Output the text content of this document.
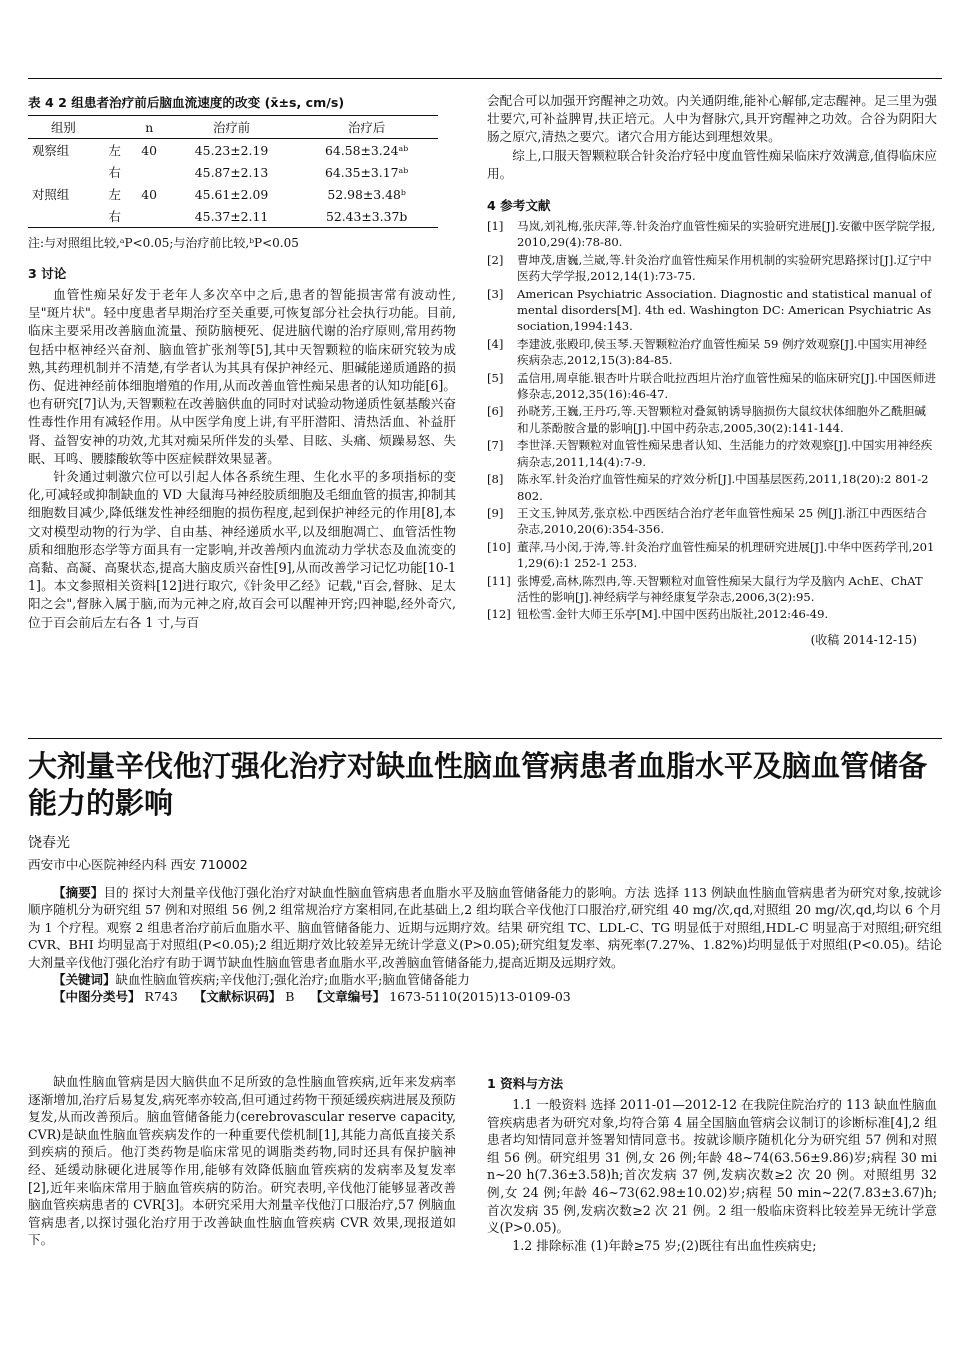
表 4 2 组患者治疗前后脑血流速度的改变 (x̄±s, cm/s)
组别		n	治疗前	治疗后
观察组	左	40	45.23±2.19	64.58±3.24ᵃᵇ
	右		45.87±2.13	64.35±3.17ᵃᵇ
对照组	左	40	45.61±2.09	52.98±3.48ᵇ
	右		45.37±2.11	52.43±3.37b

注:与对照组比较,ᵃP<0.05;与治疗前比较,ᵇP<0.05

3 讨论

血管性痴呆好发于老年人多次卒中之后,患者的智能损害常有波动性,呈"斑片状"。轻中度患者早期治疗至关重要,可恢复部分社会执行功能。目前,临床主要采用改善脑血流量、预防脑梗死、促进脑代谢的治疗原则,常用药物包括中枢神经兴奋剂、脑血管扩张剂等[5],其中天智颗粒的临床研究较为成熟,其药理机制并不清楚,有学者认为其具有保护神经元、胆碱能递质通路的损伤、促进神经前体细胞增殖的作用,从而改善血管性痴呆患者的认知功能[6]。也有研究[7]认为,天智颗粒在改善脑供血的同时对试验动物递质性氨基酸兴奋性毒性作用有减轻作用。从中医学角度上讲,有平肝潜阳、清热活血、补益肝肾、益智安神的功效,尤其对痴呆所伴发的头晕、目眩、头痛、烦躁易怒、失眠、耳鸣、腰膝酸软等中医症候群效果显著。

针灸通过刺激穴位可以引起人体各系统生理、生化水平的多项指标的变化,可减轻或抑制缺血的 VD 大鼠海马神经胶质细胞及毛细血管的损害,抑制其细胞数目减少,降低继发性神经细胞的损伤程度,起到保护神经元的作用[8],本文对模型动物的行为学、自由基、神经递质水平,以及细胞凋亡、血管活性物质和细胞形态学等方面具有一定影响,并改善颅内血流动力学状态及血流变的高黏、高凝、高聚状态,提高大脑皮质兴奋性[9],从而改善学习记忆功能[10-11]。本文参照相关资料[12]进行取穴,《针灸甲乙经》记载,"百会,督脉、足太阳之会",督脉入属于脑,而为元神之府,故百会可以醒神开窍;四神聪,经外奇穴,位于百会前后左右各 1 寸,与百

会配合可以加强开窍醒神之功效。内关通阴维,能补心解郁,定志醒神。足三里为强壮要穴,可补益脾胃,扶正培元。人中为督脉穴,具开窍醒神之功效。合谷为阴阳大肠之原穴,清热之要穴。诸穴合用方能达到理想效果。

综上,口服天智颗粒联合针灸治疗轻中度血管性痴呆临床疗效满意,值得临床应用。

4 参考文献
[1] 马岚,刘礼梅,张庆萍,等.针灸治疗血管性痴呆的实验研究进展[J].安徽中医学院学报,2010,29(4):78-80.
[2] 曹坤茂,唐巍,兰崴,等.针灸治疗血管性痴呆作用机制的实验研究思路探讨[J].辽宁中医药大学学报,2012,14(1):73-75.
[3] American Psychiatric Association. Diagnostic and statistical manual of mental disorders[M]. 4th ed. Washington DC: American Psychiatric Association,1994:143.
[4] 李建波,张殿印,侯玉琴.天智颗粒治疗血管性痴呆 59 例疗效观察[J].中国实用神经疾病杂志,2012,15(3):84-85.
[5] 孟信用,周卓能.银杏叶片联合吡拉西坦片治疗血管性痴呆的临床研究[J].中国医师进修杂志,2012,35(16):46-47.
[6] 孙晓芳,王巍,王丹巧,等.天智颗粒对叠氮钠诱导脑损伤大鼠纹状体细胞外乙酰胆碱和儿茶酚胺含量的影响[J].中国中药杂志,2005,30(2):141-144.
[7] 李世泽.天智颗粒对血管性痴呆患者认知、生活能力的疗效观察[J].中国实用神经疾病杂志,2011,14(4):7-9.
[8] 陈永军.针灸治疗血管性痴呆的疗效分析[J].中国基层医药,2011,18(20):2 801-2 802.
[9] 王文玉,钟凤芳,张京松.中西医结合治疗老年血管性痴呆 25 例[J].浙江中西医结合杂志,2010,20(6):354-356.
[10] 董萍,马小闵,于涛,等.针灸治疗血管性痴呆的机理研究进展[J].中华中医药学刊,2011,29(6):1 252-1 253.
[11] 张博爱,高林,陈烈冉,等.天智颗粒对血管性痴呆大鼠行为学及脑内 AchE、ChAT 活性的影响[J].神经病学与神经康复学杂志,2006,3(2):95.
[12] 钮松雪.金针大师王乐亭[M].中国中医药出版社,2012:46-49.
(收稿 2014-12-15)
大剂量辛伐他汀强化治疗对缺血性脑血管病患者血脂水平及脑血管储备能力的影响

饶春光

西安市中心医院神经内科 西安 710002

【摘要】目的 探讨大剂量辛伐他汀强化治疗对缺血性脑血管病患者血脂水平及脑血管储备能力的影响。方法 选择 113 例缺血性脑血管病患者为研究对象,按就诊顺序随机分为研究组 57 例和对照组 56 例,2 组常规治疗方案相同,在此基础上,2 组均联合辛伐他汀口服治疗,研究组 40 mg/次,qd,对照组 20 mg/次,qd,均以 6 个月为 1 个疗程。观察 2 组患者治疗前后血脂水平、脑血管储备能力、近期与远期疗效。结果 研究组 TC、LDL-C、TG 明显低于对照组,HDL-C 明显高于对照组;研究组 CVR、BHI 均明显高于对照组(P<0.05);2 组近期疗效比较差异无统计学意义(P>0.05);研究组复发率、病死率(7.27%、1.82%)均明显低于对照组(P<0.05)。结论 大剂量辛伐他汀强化治疗有助于调节缺血性脑血管患者血脂水平,改善脑血管储备能力,提高近期及远期疗效。

【关键词】缺血性脑血管疾病;辛伐他汀;强化治疗;血脂水平;脑血管储备能力

【中图分类号】 R743 【文献标识码】 B 【文章编号】 1673-5110(2015)13-0109-03

缺血性脑血管病是因大脑供血不足所致的急性脑血管疾病,近年来发病率逐渐增加,治疗后易复发,病死率亦较高,但可通过药物干预延缓疾病进展及预防复发,从而改善预后。脑血管储备能力(cerebrovascular reserve capacity, CVR)是缺血性脑血管疾病发作的一种重要代偿机制[1],其能力高低直接关系到疾病的预后。他汀类药物是临床常见的调脂类药物,同时还具有保护脑神经、延缓动脉硬化进展等作用,能够有效降低脑血管疾病的发病率及复发率[2],近年来临床常用于脑血管疾病的防治。研究表明,辛伐他汀能够显著改善脑血管疾病患者的 CVR[3]。本研究采用大剂量辛伐他汀口服治疗,57 例脑血管病患者,以探讨强化治疗用于改善缺血性脑血管疾病 CVR 效果,现报道如下。

1 资料与方法

1.1 一般资料 选择 2011-01—2012-12 在我院住院治疗的 113 缺血性脑血管疾病患者为研究对象,均符合第 4 届全国脑血管病会议制订的诊断标准[4],2 组患者均知情同意并签署知情同意书。按就诊顺序随机化分为研究组 57 例和对照组 56 例。研究组男 31 例,女 26 例;年龄 48~74(63.56±9.86)岁;病程 30 min~20 h(7.36±3.58)h;首次发病 37 例,发病次数≥2 次 20 例。对照组男 32 例,女 24 例;年龄 46~73(62.98±10.02)岁;病程 50 min~22(7.83±3.67)h;首次发病 35 例,发病次数≥2 次 21 例。2 组一般临床资料比较差异无统计学意义(P>0.05)。

1.2 排除标准 (1)年龄≥75 岁;(2)既往有出血性疾病史;
